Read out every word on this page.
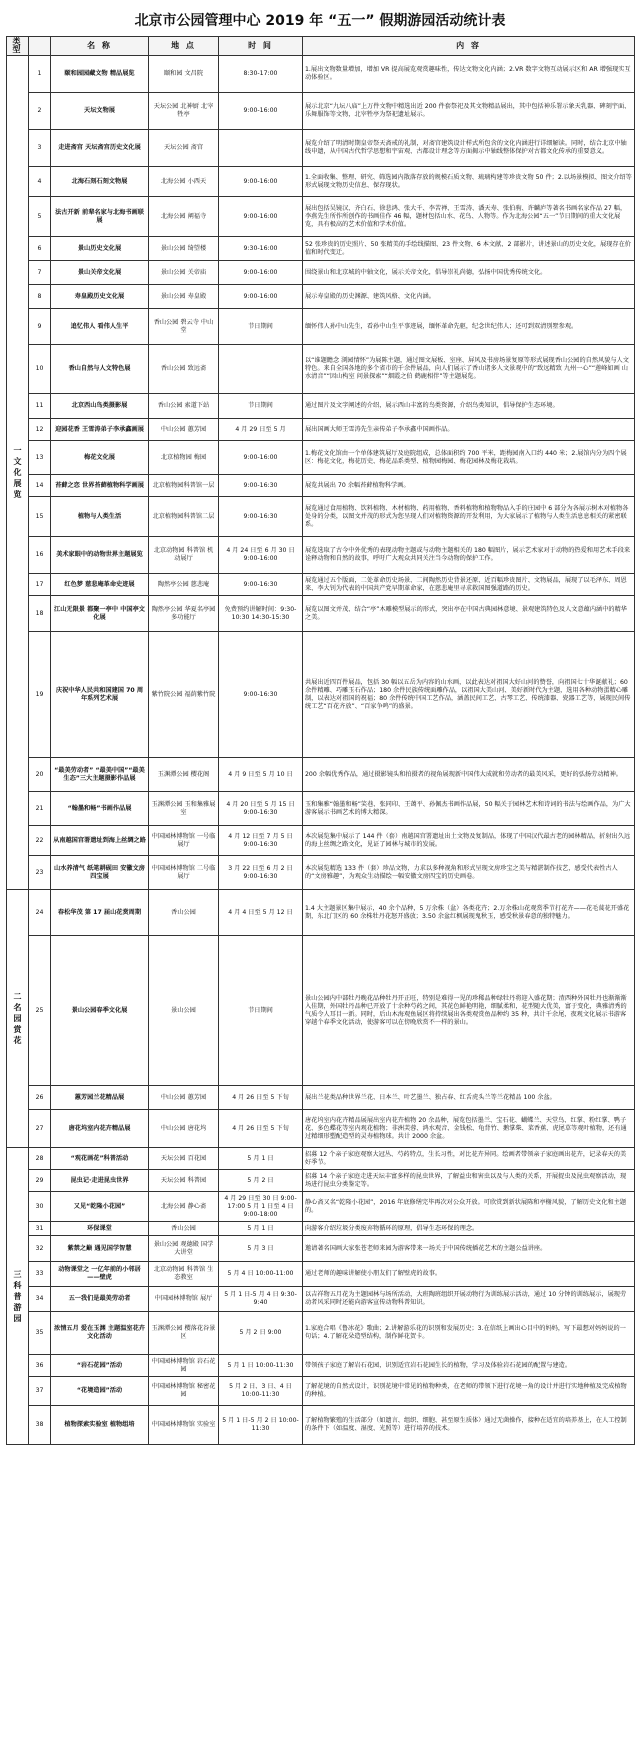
北京市公园管理中心 2019 年 “五一” 假期游园活动统计表
类 型		名 称	地 点	时 间	内 容
一 文 化 展 览	1	颐和园园藏文物 精品展览	颐和园 文昌院	8:30-17:00	1.展出文物数量增加，增加 VR 提高展览观赏趣味性，传达文物文化内涵；2.VR 数字文物互动展示区和 AR 增强现实互动体验区。
	2	天坛文物展	天坛公园 北神厨 北宰牲亭	9:00-16:00	展示北京“九坛八庙”上万件文物中精选出近 200 件套祭祀及其文物精品展出，其中包括神乐署示象天乳器、碑刻宇面、乐舞服饰等文物，北宰牲亭为祭祀遗址展示。
	3	走进斋宫 天坛斋宫历史文化展	天坛公园 斋宫		展览介绍了明清时期皇帝祭天斋戒的礼制，对斋宫建筑设计样式所包含的文化内涵进行详细解读。同时，结合北京中轴线申遗，从中国古代哲学思想和宇宙观、古都设计理念等方面揭示中轴线整体保护对古都文化传承的重要意义。
	4	北海石刻石刻文物展	北海公园 小西天	9:00-16:00	1.全面收集、整理、研究、筛选园内散落存放的规模石质文物、琉璃构建等珍贵文物 50 件；2.以场景模拟、图文介绍等形式展现文物历史信息、保存现状。
	5	法古开新 前辈名家与北海书画联展	北海公园 阐福寺	9:00-16:00	展出包括吴镜汉、齐白石、徐悲鸿、张大千、李苦禅、王雪涛、潘天寿、张伯驹、许麟庐等著名书画名家作品 27 幅，李燕先生所作所创作的书画佳作 46 幅，题材包括山水、花鸟、人物等。作为北海公园“五一”节日期间的重大文化展览，具有极高的艺术价值和学术价值。
	6	景山历史文化展	景山公园 绮望楼	9:30-16:00	52 张珍贵的历史照片、50 张精美的手绘线描图、23 件文物、6 本文献、2 部影片，讲述景山的历史文化，展现存在价值和时代变迁。
	7	景山关帝文化展	景山公园 关帝庙	9:00-16:00	围绕景山和北京城的中轴文化，展示关帝文化，倡导崇礼尚德，弘扬中国优秀传统文化。
	8	寿皇殿历史文化展	景山公园 寿皇殿	9:00-16:00	展示寿皇殿的历史渊源、建筑风格、文化内涵。
	9	追忆伟人 看伟人生平	香山公园 碧云寺 中山堂	节日期间	缅怀伟人孙中山先生，看孙中山生平事迹展，缅怀革命先驱，纪念世纪伟人；还可到双清别墅参观。
	10	香山自然与人文特色展	香山公园 致远斋		以“谁题瞻念 浏园情怀”为展陈主题，通过图文展板、室座、屏风及书房场景复原等形式展现香山公园的自然风貌与人文特色。来自全国各地的多个省市的千余件展品，向人们展示了香山诸多人文景观中的“致远精致 九州一心”“莲峰如画 山水清音”“因山构室 问景探索”“烟霞之伯 鹤鹿相伴”等主题展览。
	11	北京西山鸟类摄影展	香山公园 索道下站	节日期间	通过图片及文字阐述的介绍，展示西山丰富的鸟类资源，介绍鸟类知识，倡导保护生态环境。
	12	迎园花香 王雪涛弟子李承鑫画展	中山公园 蕙芳园	4 月 29 日至 5 月	展出国画大师王雪涛先生亲传弟子李承鑫中国画作品。
	13	梅花文化展	北京植物园 梅园	9:00-16:00	1.梅花文化馆由一个单体建筑展厅及庭院组成，总体面积约 700 平米，距梅园南入口约 440 米；2.展馆内分为四个展区：梅花文化，梅花历史、梅花品系类型、植物园梅园、梅花园林及梅花栽培。
	14	苔藓之恋 世界苔藓植物科学画展	北京植物园科普馆一层	9:00-16:30	展览共展出 70 余幅苔藓植物科学画。
	15	植物与人类生活	北京植物园科普馆二层	9:00-16:30	展览通过食用植物、饮料植物、木材植物、药用植物、香料植物和植物物品入手的庄园中 6 部分为各展示树木对植物各处身的分类，以图文并茂的形式为您呈现人们对植物资源的开发利用，为大家展示了植物与人类生活息息相关的紧密联系。
	16	美术家眼中的动物世界主题展览	北京动物园 科普馆 机动展厅	4 月 24 日至 6 月 30 日 9:00-16:00	展览选取了古今中外优秀的表现动物主题或与动物主题相关的 180 幅图片，展示艺术家对于动物的热爱和用艺术手段来诠释动物和自然的故事，呼吁广大观众共同关注当今动物的保护工作。
	17	红色梦 慈悲庵革命史迹展	陶然亭公园 慈悲庵	9:00-16:30	展览通过五个版面，二处革命历史场景、二间陶然历史背景还原、近百幅珍贵图片、文物展品，展现了以毛泽东、周恩来、李大钊为代表的中国共产党早期革命家，在慈悲庵里寻求救国图强道路的历史。
	18	江山无限景 都聚一亭中 中国亭文化展	陶然亭公园 华夏名亭园 多功能厅	免费预约讲解时间：9:30-10:30 14:30-15:30	展览以图文并茂、结合“亭”木雕模型展示的形式，突出亭在中国古典园林意境、景观建筑特色及人文意蕴内涵中的精华之美。
	19	庆祝中华人民共和国建国 70 周年系列艺术展	紫竹院公园 福荫紫竹院	9:00-16:30	共展出近四百件展品，包括 30 幅以五岳为内容的山水画，以此表达对祖国大好山河的赞誉，向祖国七十华诞献礼；60 余件精雕、巧雕玉石作品；180 余件民族传统面雕作品，以祖国大美山河、美好新时代为主题，选用各种动物蛋精心雕制，以表达对祖国的祝福；80 余件传统中国工艺作品，涵盖民间工艺、古琴工艺、传统漆器、瓷器工艺等，展现民间传统工艺“百花齐放”、“百家争鸣”的盛景。
	20	“最美劳动者” “最美中国”“最美生态”三大主题摄影作品展	玉渊潭公园 樱花阁	4 月 9 日至 5 月 10 日	200 余幅优秀作品，通过摄影镜头和拍摄者的视角展现新中国伟大成就和劳动者的最美风采，更好的弘扬劳动精神。
	21	“翰墨和畅”书画作品展	玉渊潭公园 玉和集雅展室	4 月 20 日至 5 月 15 日 9:00-16:30	玉和集雅“翰墨和畅”笑巷、张同印、王蔼平、孙佩杰书画作品展，50 幅关于园林艺术和诗词的书法与绘画作品，为广大游客展示书画艺术的博大精深。
	22	从南越国宫署遗址到海上丝绸之路	中国园林博物馆 一号临展厅	4 月 12 日至 7 月 5 日 9:00-16:30	本次展览集中展示了 144 件（套）南越国宫署遗址出土文物及复制品，体现了中国汉代最古老的园林精品，折射出久远的海上丝绸之路文化，见证了园林与城市的发展。
	23	山水养清气 纸笔耕砚田 安徽文房四宝展	中国园林博物馆 二号临展厅	3 月 22 日至 6 月 2 日 9:00-16:30	本次展览精选 133 件（套）珍品文物，力求以多种视角和形式呈现文房珍宝之美与精湛制作技艺，感受代表性古人的“文房雅趣”，为观众生动描绘一幅安徽文房四宝的历史画卷。
二 名 园 赏 花	24	春松华茂 第 17 届山花赏周期	香山公园	4 月 4 日至 5 月 12 日	1.4 大主题景区集中展示，40 余个品种，5 万余株（盆）各类花卉；2.万余株山花观赏季节打花卉——花毛茛花开盛花期，东北门区的 60 余株牡丹花怒开盛放；3.50 余盆红枫展现鬼秋玉，感受秋景春意的独特魅力。
	25	景山公园春季文化展	景山公园	节日期间	景山公园内中部牡丹晚花品种牡丹开正旺，特别是难得一见的珍稀品种绿牡丹将迎入盛花期；渣西种外国牡丹也渐渐渐入佳期，外国牡丹品种已开放了十余种芍药之间，其花色鲜艳明艳，细腻柔和，花型随大优美，富于变化，典雅清秀的气质令人耳目一新。同时，后山木海观鱼展区将持续展出各类观赏鱼品种约 35 种，共计千余尾，夜观文化展示书游客穿越个春季文化活动，使游客可以在傍晚欣赏不一样的景山。
	26	蕙芳园兰花精品展	中山公园 蕙芳园	4 月 26 日至 5 下旬	展出兰花类品种世界兰花、日本兰、叶艺墨兰、独占春、红舌虎头兰等兰花精品 100 余盆。
	27	唐花坞室内花卉精品展	中山公园 唐花坞	4 月 26 日至 5 下旬	唐花坞室内花卉精品展展出室内花卉植物 20 余品种，展览包括墨兰、宝石花、蝴蝶兰、天堂鸟、红掌、粉红掌、鸭子花、多色蝶花等室内观花植物；非洲芙蓉、鸿水观音、金钱松、龟背竹、鹅掌柴、菜香蕉、虎尾草等观叶植物，还有通过精细形塑配造型的灵寿植物球。共计 2000 余盆。
三 科 普 游 园	28	“观花画花”科普活动	天坛公园 百花园	5 月 1 日	招募 12 个亲子家庭观察大冠丛、芍药特点，生长习性，对比花卉异同。绘画者带领亲子家庭画出花卉，记录春天的美好季节。
	29	昆虫记·走进昆虫世界	天坛公园 科普园	5 月 2 日	招募 14 个亲子家庭走进天坛丰富多样的昆虫世界，了解益虫和害虫以及与人类的关系，开展捉虫及昆虫观察活动，现场进行昆虫分类鉴定等。
	30	又见“乾隆小花园”	北海公园 静心斋	4 月 29 日至 30 日 9:00-17:00 5 月 1 日至 4 日 9:00-18:00	静心斋又名“乾隆小花园”，2016 年底修缮完毕再次对公众开放。可欣赏到新状展陈和亭榭风貌，了解历史文化和主题的。
	31	环保课堂	香山公园	5 月 1 日	向游客介绍垃圾分类废弃物循环的原理，倡导生态环保的理念。
	32	紫禁之巅 遇见国学智慧	景山公园 观德殿 国学大讲堂	5 月 3 日	邀请著名国画大家张苍老师来园为游客带来一场关于中国传统插花艺术的主题公益讲座。
	33	动物课堂之 一亿年前的小邻居——壁虎	北京动物园 科普馆 生态教室	5 月 4 日 10:00-11:00	通过老师的趣味讲解使小朋友们了解壁虎的故事。
	34	五一我们是最美劳动者	中国园林博物馆 展厅	5 月 1 日-5 月 4 日 9:30-9:40	以吉祥物五月花为主题园林与场所活动，大班陶班组织开展动物行为训练展示活动，通过 10 分钟的训练展示，展现劳动者风采同时还能向游客宣传动物科普知识。
	35	浓情五月 爱在玉渊 主题温室花卉文化活动	玉渊潭公园 樱落花谷景区	5 月 2 日 9:00	1.家庭合唱《鲁冰花》歌曲；2.讲解游乐花的识别和发展历史；3.在信纸上画出心目中的妈妈，写下最想对妈妈说的一句话；4.了解花朵造型结构，制作鲜花贺卡。
	36	“岩石花园”活动	中国园林博物馆 岩石花园	5 月 1 日 10:00-11:30	带领孩子家庭了解岩石花园，识别适宜岩石花园生长的植物，学习及体验岩石花园的配置与建造。
	37	“花境造园”活动	中国园林博物馆 秘密花园	5 月 2 日、3 日、4 日 10:00-11:30	了解花境的自然式设计，识别花境中常见的植物种类，在老师的带领下进行花境一角的设计并进行实地种植及完成植物的种植。
	38	植物探索实验室 植物组培	中国园林博物馆 实验室	5 月 1 日-5 月 2 日 10:00-11:30	了解植物繁殖的生活部分（如遗言、组织、细胞、甚至原生质体）通过无菌操作，接种在适宜的培养基上，在人工控制的条件下（如温度、湿度、光照等）进行培养的技术。
